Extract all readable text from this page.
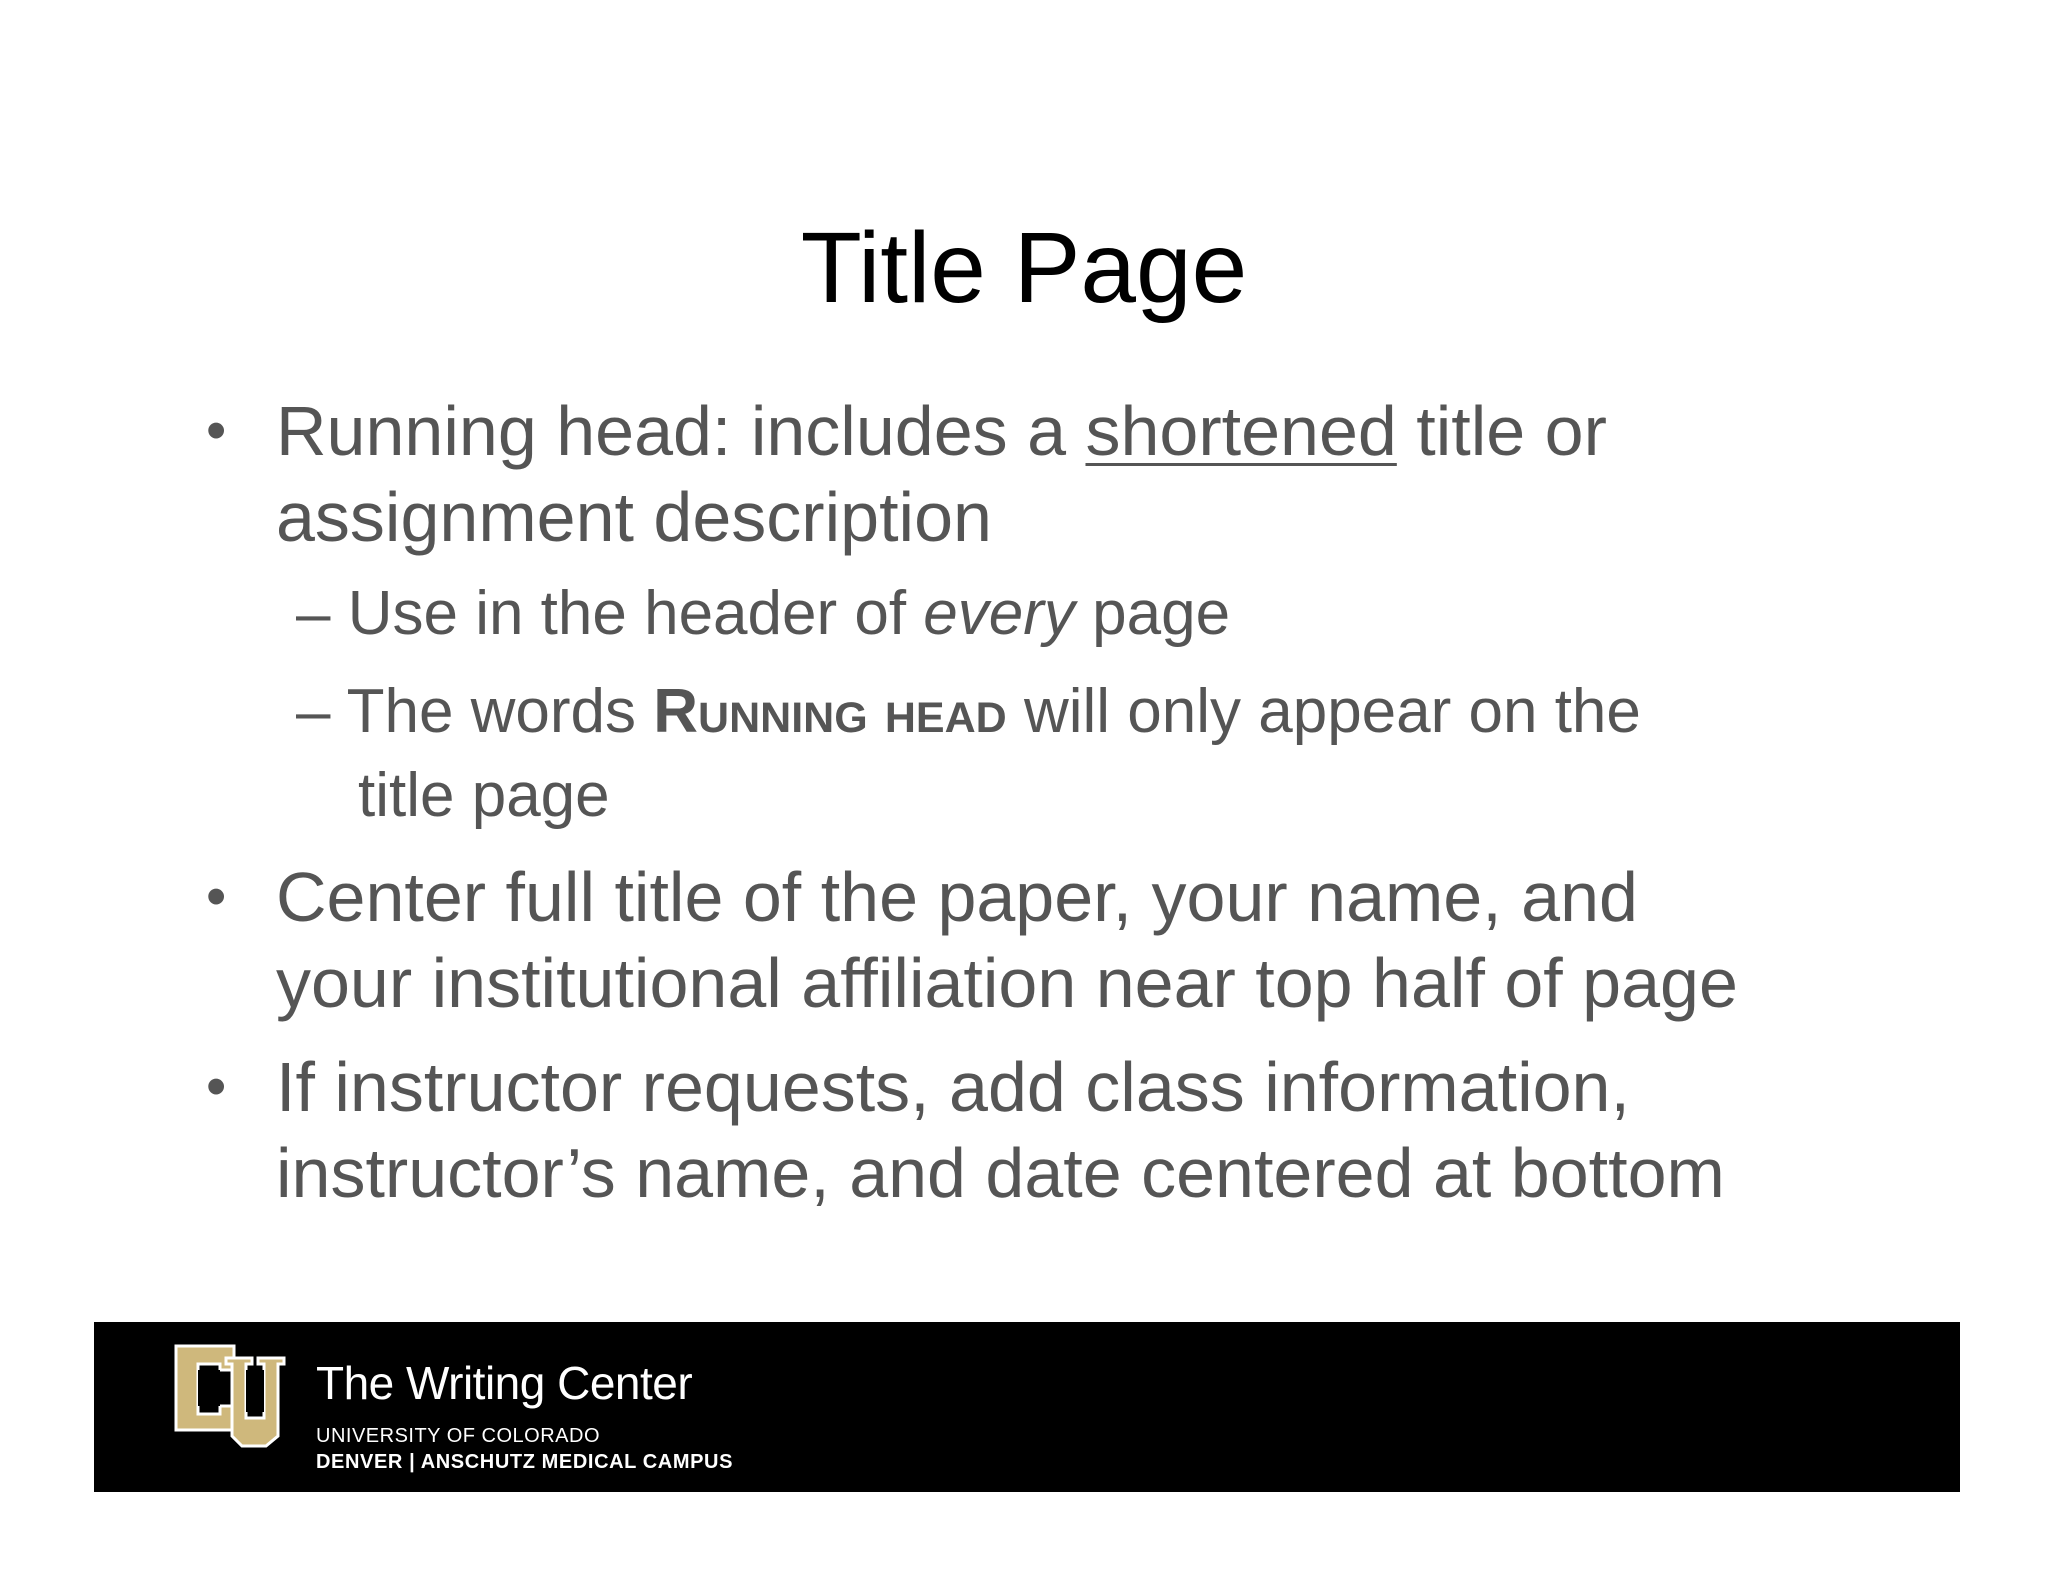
Title Page
• Running head: includes a shortened title or
assignment description
– Use in the header of every page
– The words Running head will only appear on the
title page
• Center full title of the paper, your name, and
your institutional affiliation near top half of page
• If instructor requests, add class information,
instructor’s name, and date centered at bottom
The Writing Center
UNIVERSITY OF COLORADO
DENVER | ANSCHUTZ MEDICAL CAMPUS
